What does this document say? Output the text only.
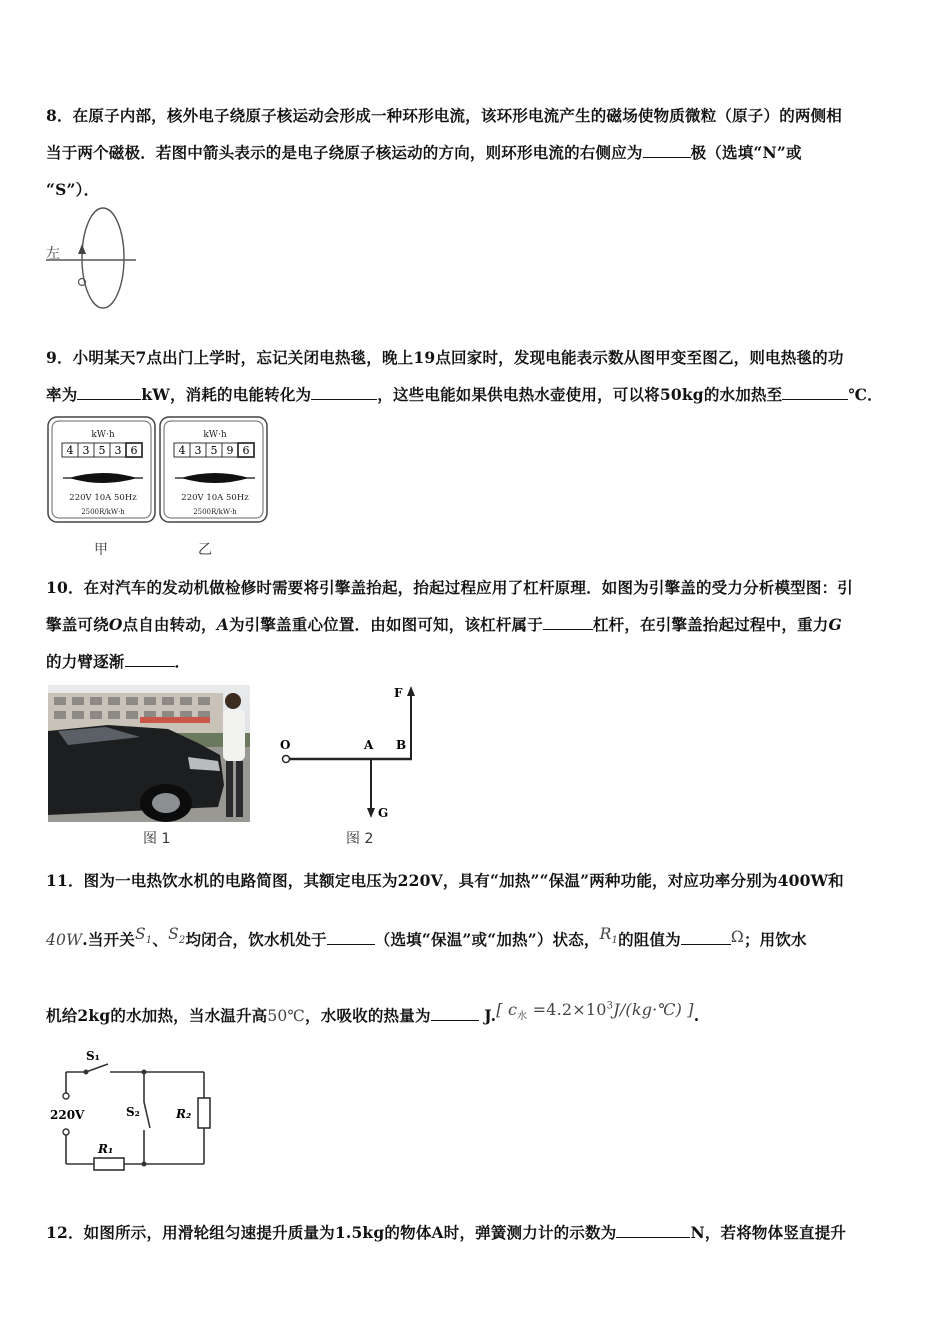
8．在原子内部，核外电子绕原子核运动会形成一种环形电流，该环形电流产生的磁场使物质微粒（原子）的两侧相
当于两个磁极．若图中箭头表示的是电子绕原子核运动的方向，则环形电流的右侧应为	极（选填“N”或
“S”）．
左
9．小明某天7点出门上学时，忘记关闭电热毯，晚上19点回家时，发现电能表示数从图甲变至图乙，则电热毯的功
率为	kW，消耗的电能转化为	，这些电能如果供电热水壶使用，可以将50kg的水加热至	℃．
kW·h
4 3 5 3 6
220V 10A 50Hz
2500R/kW·h
kW·h
4 3 5 9 6
220V 10A 50Hz
2500R/kW·h
甲	乙
10．在对汽车的发动机做检修时需要将引擎盖抬起，抬起过程应用了杠杆原理．如图为引擎盖的受力分析模型图：引
擎盖可绕O点自由转动，A为引擎盖重心位置．由如图可知，该杠杆属于	杠杆，在引擎盖抬起过程中，重力G
的力臂逐渐	．
图 1
F
O	A B
G
图 2
11．图为一电热饮水机的电路简图，其额定电压为220V，具有“加热”“保温”两种功能，对应功率分别为400W和
40W.当开关$S_1$、$S_2$均闭合，饮水机处于	（选填“保温”或“加热”）状态，$R_1$的阻值为	Ω；用饮水
机给2kg的水加热，当水温升高50℃，水吸收的热量为	J.[ $c_水$ $=4.2\times 10^3J/(kg\cdot℃)$ ].
S₁
S₂	R₂
R₁
220V
12．如图所示，用滑轮组匀速提升质量为1.5kg的物体A时，弹簧测力计的示数为	N，若将物体竖直提升
